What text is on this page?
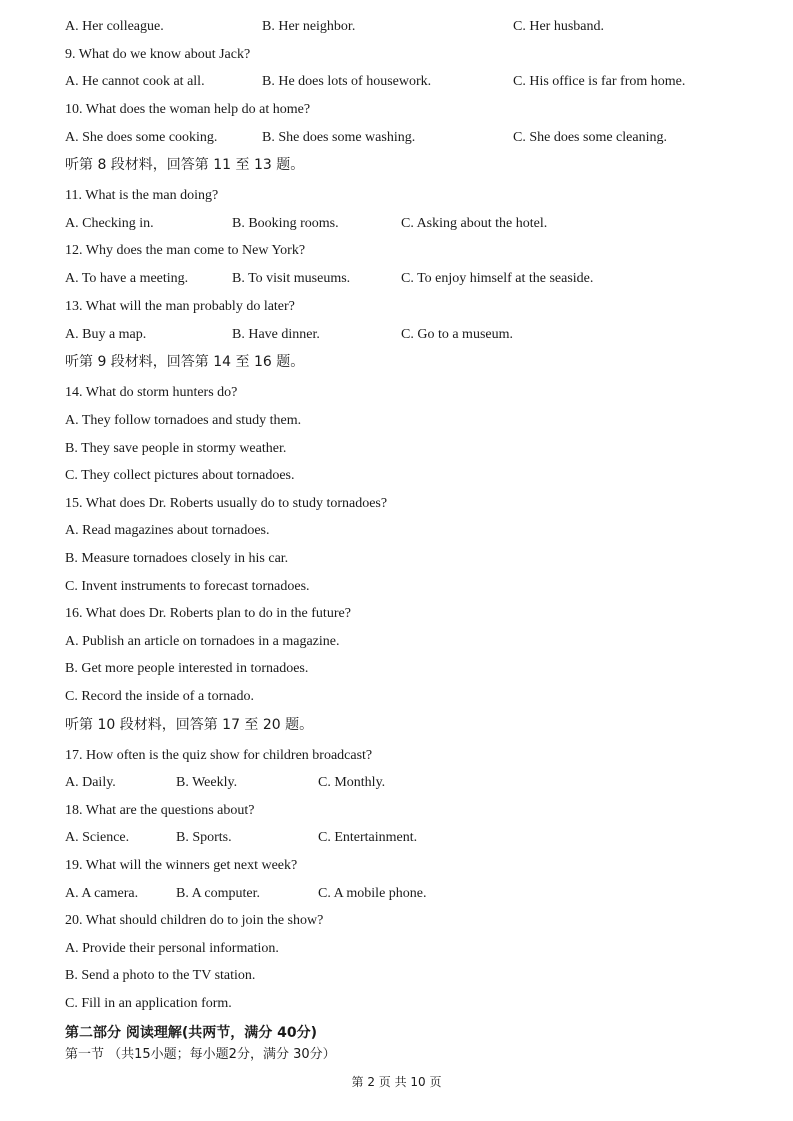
A. Her colleague.	B. Her neighbor.	C. Her husband.
9. What do we know about Jack?
A. He cannot cook at all.	B. He does lots of housework.	C. His office is far from home.
10. What does the woman help do at home?
A. She does some cooking.	B. She does some washing.	C. She does some cleaning.
听第 8 段材料，回答第 11 至 13 题。
11. What is the man doing?
A. Checking in.	B. Booking rooms.	C. Asking about the hotel.
12. Why does the man come to New York?
A. To have a meeting.	B. To visit museums.	C. To enjoy himself at the seaside.
13. What will the man probably do later?
A. Buy a map.	B. Have dinner.	C. Go to a museum.
听第 9 段材料，回答第 14 至 16 题。
14. What do storm hunters do?
A. They follow tornadoes and study them.
B. They save people in stormy weather.
C. They collect pictures about tornadoes.
15. What does Dr. Roberts usually do to study tornadoes?
A. Read magazines about tornadoes.
B. Measure tornadoes closely in his car.
C. Invent instruments to forecast tornadoes.
16. What does Dr. Roberts plan to do in the future?
A. Publish an article on tornadoes in a magazine.
B. Get more people interested in tornadoes.
C. Record the inside of a tornado.
听第 10 段材料，回答第 17 至 20 题。
17. How often is the quiz show for children broadcast?
A. Daily.	B. Weekly.	C. Monthly.
18. What are the questions about?
A. Science.	B. Sports.	C. Entertainment.
19. What will the winners get next week?
A. A camera.	B. A computer.	C. A mobile phone.
20. What should children do to join the show?
A. Provide their personal information.
B. Send a photo to the TV station.
C. Fill in an application form.
第二部分 阅读理解(共两节，满分 40分)
第一节 （共15小题；每小题2分，满分 30分）
第 2 页 共 10 页
